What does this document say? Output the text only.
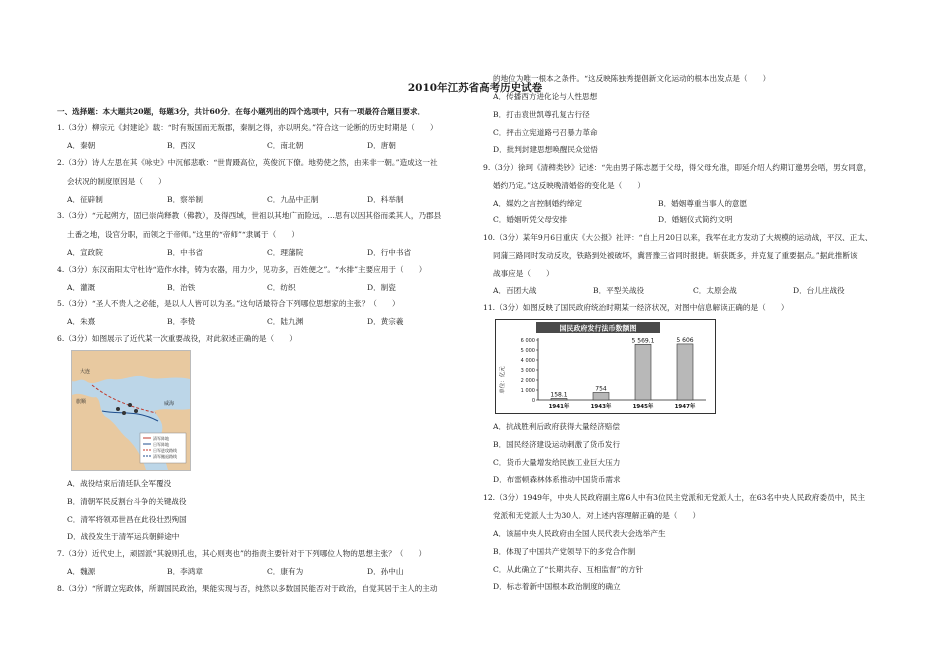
2010年江苏省高考历史试卷
一、选择题：本大题共20题，每题3分，共计60分．在每小题列出的四个选项中，只有一项最符合题目要求．
1.（3分）柳宗元《封建论》载：“时有叛国而无叛郡，秦制之得，亦以明矣。”符合这一论断的历史时期是（　　）
A．秦朝	B．西汉	C．南北朝	D．唐朝
2.（3分）诗人左思在其《咏史》中沉郁悲歌：“世胄蹑高位，英俊沉下僚。地势使之然，由来非一朝。”造成这一社
会状况的制度原因是（　　）
A．征辟制	B．察举制	C．九品中正制	D．科举制
3.（3分）“元起朔方，固已崇尚释教（佛教），及得西域，世祖以其地广而险远，…思有以因其俗而柔其人，乃郡县
土番之地，设官分职，而领之于帝师。”这里的“帝师”“隶属于（　　）
A．宣政院	B．中书省	C．理藩院	D．行中书省
4.（3分）东汉南阳太守杜诗“造作水排，铸为农器，用力少，见功多，百姓便之”。“水排”主要应用于（　　）
A．灌溉	B．治铁	C．纺织	D．制瓷
5.（3分）“圣人不贵人之必能，是以人人皆可以为圣。”这句话最符合下列哪位思想家的主张？（　　）
A．朱熹	B．李贽	C．陆九渊	D．黄宗羲
6.（3分）如图展示了近代某一次重要战役，对此叙述正确的是（　　）
大连
旅顺	威海
清军阵地
日军阵地
日军进攻路线
清军撤退路线
A．战役结束后清廷队全军覆没
B．清朝军民反割台斗争的关键战役
C．清军将领邓世昌在此役壮烈殉国
D．战役发生于清军运兵朝鲜途中
7.（3分）近代史上，顽固派“其貌则孔也，其心则夷也”的指责主要针对于下列哪位人物的思想主张？（　　）
A．魏源	B．李鸿章	C．康有为	D．孙中山
8.（3分）“所谓立宪政体，所谓国民政治，果能实现与否，纯然以多数国民能否对于政治，自觉其居于主人的主动
的地位为唯一根本之条件。“这反映陈独秀提倡新文化运动的根本出发点是（　　）
A．传播西方进化论与人性思想
B．打击袁世凯尊孔复古行径
C．抨击立宪道路弓召暴力革命
D．批判封建思想唤醒民众觉悟
9.（3分）徐珂《清稗类钞》记述：“先由男子陈志愿于父母，得父母允准，即延介绍人约期订邀男会唔，男女同意，
婚约乃定。”这反映晚清婚俗的变化是（　　）
A．媒妁之言控制婚约缔定	B．婚姻尊重当事人的意愿
C．婚姻听凭父母安排	D．婚姻仪式简约文明
10.（3分）某年9月6日重庆《大公报》社评：“自上月20日以来，我军在北方发动了大规模的运动战，平汉、正太、
同蒲三路同时发动反攻，铁路到处被破坏，冀晋豫三省同时报捷。斩获既多，并克复了重要据点。”据此推断该
战事应是（　　）
A．百团大战	B．平型关战役	C．太原会战	D．台儿庄战役
11.（3分）如图反映了国民政府统治时期某一经济状况，对图中信息解读正确的是（　　）
国民政府发行法币数额图
单位：亿元
0
1 000
2 000
3 000
4 000
5 000
6 000
158.1
1941年
754
1943年
5 569.1
1945年
5 606
1947年
A．抗战胜利后政府获得大量经济赔偿
B．国民经济建设运动刺激了货币发行
C．货币大量增发给民族工业巨大压力
D．布雷顿森林体系推动中国货币需求
12.（3分）1949年，中央人民政府副主席6人中有3位民主党派和无党派人士，在63名中央人民政府委员中，民主
党派和无党派人士为30人．对上述内容理解正确的是（　　）
A．该届中央人民政府由全国人民代表大会选举产生
B．体现了中国共产党领导下的多党合作制
C．从此确立了“长期共存、互相监督”的方针
D．标志着新中国根本政治制度的确立
